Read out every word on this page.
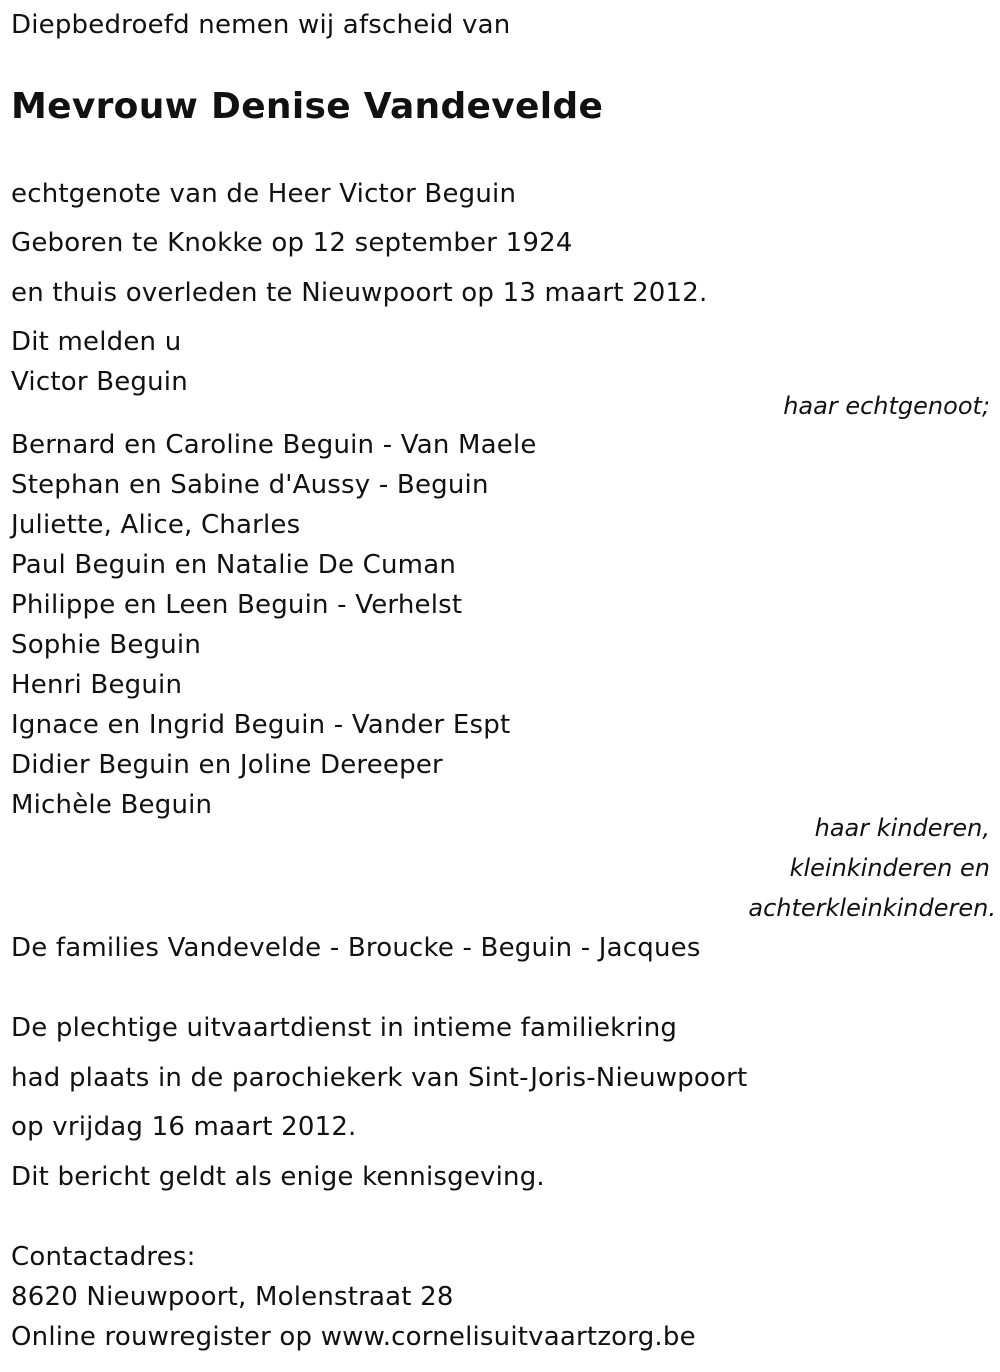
Diepbedroefd nemen wij afscheid van
Mevrouw Denise Vandevelde
echtgenote van de Heer Victor Beguin
Geboren te Knokke op 12 september 1924
en thuis overleden te Nieuwpoort op 13 maart 2012.
Dit melden u
Victor Beguin
haar echtgenoot;
Bernard en Caroline Beguin - Van Maele
Stephan en Sabine d'Aussy - Beguin
Juliette, Alice, Charles
Paul Beguin en Natalie De Cuman
Philippe en Leen Beguin - Verhelst
Sophie Beguin
Henri Beguin
Ignace en Ingrid Beguin - Vander Espt
Didier Beguin en Joline Dereeper
Michèle Beguin
haar kinderen,
kleinkinderen en
achterkleinkinderen.
De families Vandevelde - Broucke - Beguin - Jacques
De plechtige uitvaartdienst in intieme familiekring
had plaats in de parochiekerk van Sint-Joris-Nieuwpoort
op vrijdag 16 maart 2012.
Dit bericht geldt als enige kennisgeving.
Contactadres:
8620 Nieuwpoort, Molenstraat 28
Online rouwregister op www.cornelisuitvaartzorg.be
